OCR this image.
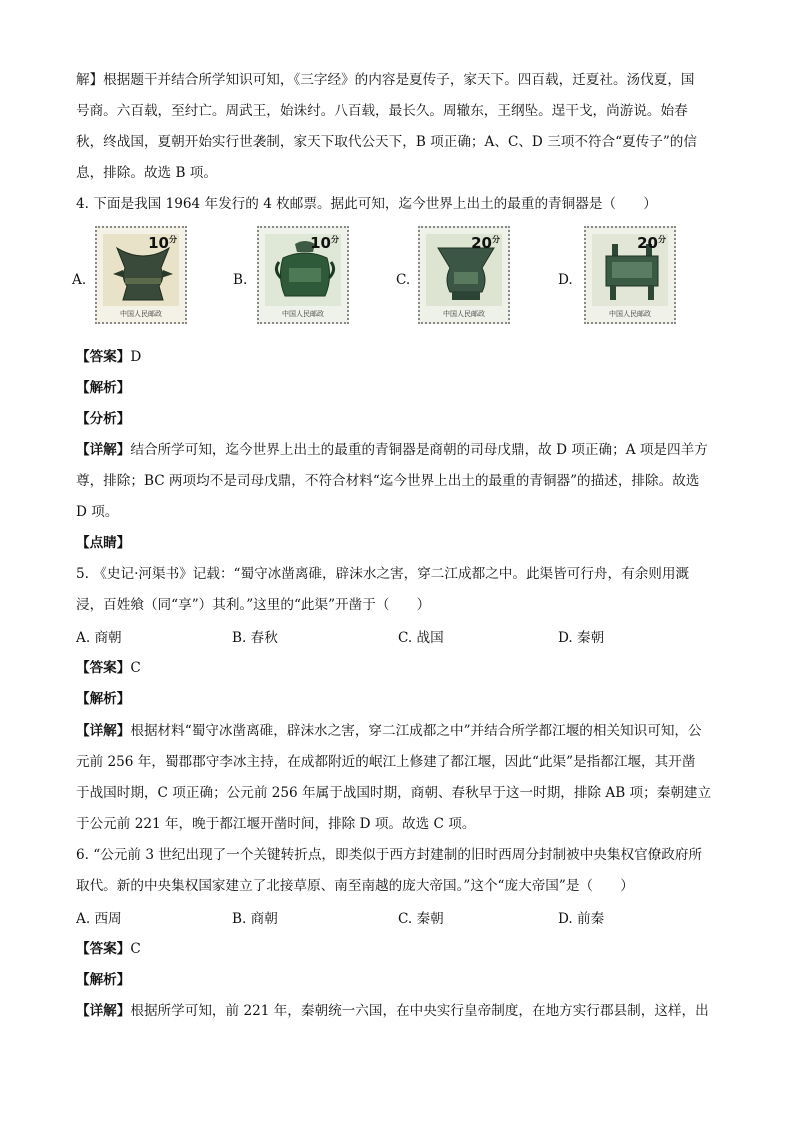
解】根据题干并结合所学知识可知，《三字经》的内容是夏传子，家天下。四百载，迁夏社。汤伐夏，国
号商。六百载，至纣亡。周武王，始诛纣。八百载，最长久。周辙东，王纲坠。逞干戈，尚游说。始春
秋，终战国，夏朝开始实行世袭制，家天下取代公天下，B 项正确；A、C、D 三项不符合“夏传子”的信
息，排除。故选 B 项。
4. 下面是我国 1964 年发行的 4 枚邮票。据此可知，迄今世界上出土的最重的青铜器是（　　）
A.
$10^分$
中国人民邮政
B.
$10^分$
中国人民邮政
C.
$20^分$
中国人民邮政
D.
$20^分$
中国人民邮政
【答案】D
【解析】
【分析】
【详解】结合所学可知，迄今世界上出土的最重的青铜器是商朝的司母戊鼎，故 D 项正确；A 项是四羊方
尊，排除；BC 两项均不是司母戊鼎，不符合材料“迄今世界上出土的最重的青铜器”的描述，排除。故选
D 项。
【点睛】
5. 《史记·河渠书》记载：“蜀守冰凿离碓，辟沫水之害，穿二江成都之中。此渠皆可行舟，有余则用溉
浸，百姓飨（同“享”）其利。”这里的“此渠”开凿于（　　）
A. 商朝	B. 春秋	C. 战国	D. 秦朝
【答案】C
【解析】
【详解】根据材料“蜀守冰凿离碓，辟沫水之害，穿二江成都之中”并结合所学都江堰的相关知识可知，公
元前 256 年，蜀郡郡守李冰主持，在成都附近的岷江上修建了都江堰，因此“此渠”是指都江堰，其开凿
于战国时期，C 项正确；公元前 256 年属于战国时期，商朝、春秋早于这一时期，排除 AB 项；秦朝建立
于公元前 221 年，晚于都江堰开凿时间，排除 D 项。故选 C 项。
6. “公元前 3 世纪出现了一个关键转折点，即类似于西方封建制的旧时西周分封制被中央集权官僚政府所
取代。新的中央集权国家建立了北接草原、南至南越的庞大帝国。”这个“庞大帝国”是（　　）
A. 西周	B. 商朝	C. 秦朝	D. 前秦
【答案】C
【解析】
【详解】根据所学可知，前 221 年，秦朝统一六国，在中央实行皇帝制度，在地方实行郡县制，这样，出
